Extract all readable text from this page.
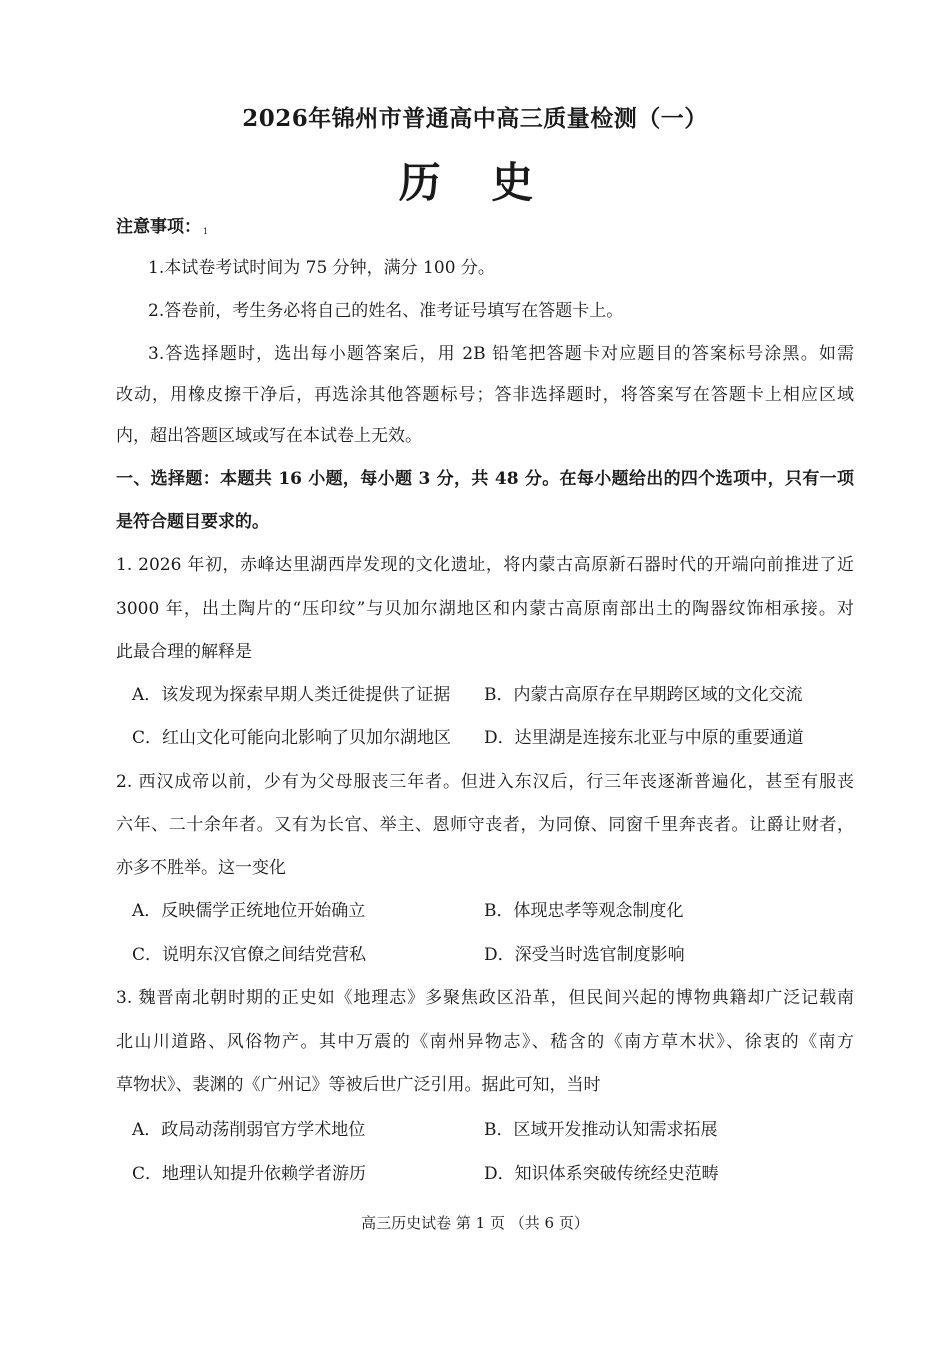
2026年锦州市普通高中高三质量检测（一）
历 史
注意事项： $_1$
1.本试卷考试时间为 75 分钟，满分 100 分。
2.答卷前，考生务必将自己的姓名、准考证号填写在答题卡上。
3.答选择题时，选出每小题答案后，用 2B 铅笔把答题卡对应题目的答案标号涂黑。如需
改动，用橡皮擦干净后，再选涂其他答题标号；答非选择题时，将答案写在答题卡上相应区域
内，超出答题区域或写在本试卷上无效。
一、选择题：本题共 16 小题，每小题 3 分，共 48 分。在每小题给出的四个选项中，只有一项
是符合题目要求的。
1. 2026 年初，赤峰达里湖西岸发现的文化遗址，将内蒙古高原新石器时代的开端向前推进了近
3000 年，出土陶片的“压印纹”与贝加尔湖地区和内蒙古高原南部出土的陶器纹饰相承接。对
此最合理的解释是
A．该发现为探索早期人类迁徙提供了证据 B．内蒙古高原存在早期跨区域的文化交流
C．红山文化可能向北影响了贝加尔湖地区 D．达里湖是连接东北亚与中原的重要通道
2. 西汉成帝以前，少有为父母服丧三年者。但进入东汉后，行三年丧逐渐普遍化，甚至有服丧
六年、二十余年者。又有为长官、举主、恩师守丧者，为同僚、同窗千里奔丧者。让爵让财者，
亦多不胜举。这一变化
A．反映儒学正统地位开始确立	B．体现忠孝等观念制度化
C．说明东汉官僚之间结党营私	D．深受当时选官制度影响
3. 魏晋南北朝时期的正史如《地理志》多聚焦政区沿革，但民间兴起的博物典籍却广泛记载南
北山川道路、风俗物产。其中万震的《南州异物志》、嵇含的《南方草木状》、徐衷的《南方
草物状》、裴渊的《广州记》等被后世广泛引用。据此可知，当时
A．政局动荡削弱官方学术地位	B．区域开发推动认知需求拓展
C．地理认知提升依赖学者游历	D．知识体系突破传统经史范畴
高三历史试卷 第 1 页 （共 6 页）
